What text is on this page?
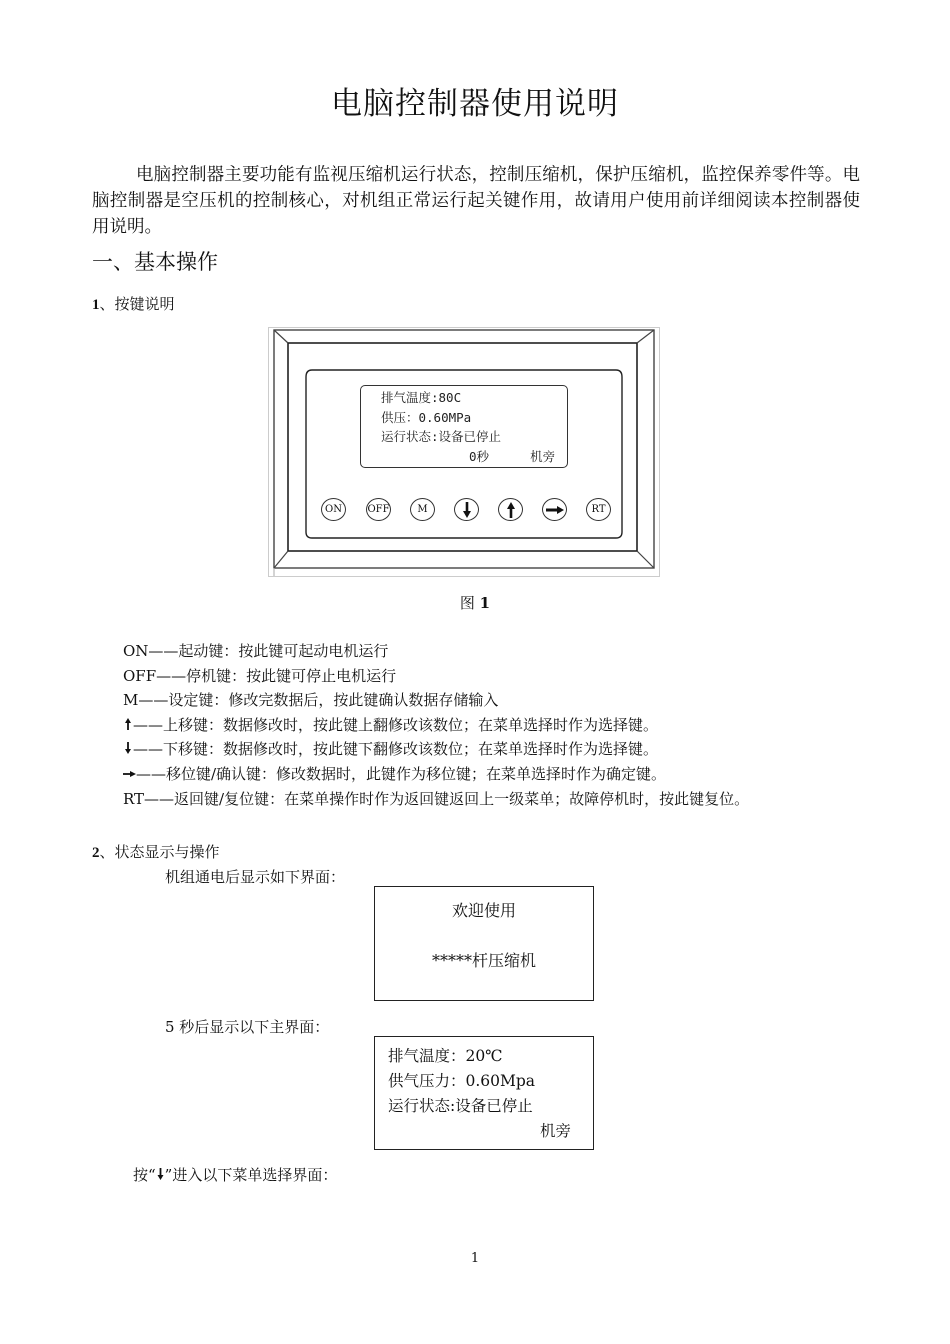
电脑控制器使用说明
电脑控制器主要功能有监视压缩机运行状态，控制压缩机，保护压缩机，监控保养零件等。电脑控制器是空压机的控制核心，对机组正常运行起关键作用，故请用户使用前详细阅读本控制器使用说明。
一、基本操作
1、按键说明
排气温度:80C
供压：0.60MPa
运行状态:设备已停止
0秒	机旁
ON	OFF	M	RT
图 1
ON——起动键：按此键可起动电机运行
OFF——停机键：按此键可停止电机运行
M——设定键：修改完数据后，按此键确认数据存储输入
——上移键：数据修改时，按此键上翻修改该数位；在菜单选择时作为选择键。
——下移键：数据修改时，按此键下翻修改该数位；在菜单选择时作为选择键。
——移位键/确认键：修改数据时，此键作为移位键；在菜单选择时作为确定键。
RT——返回键/复位键：在菜单操作时作为返回键返回上一级菜单；故障停机时，按此键复位。
2、状态显示与操作
机组通电后显示如下界面：
欢迎使用
*****杆压缩机
5 秒后显示以下主界面：
排气温度：20℃
供气压力：0.60Mpa
运行状态:设备已停止
机旁
按“ ”进入以下菜单选择界面：
1
